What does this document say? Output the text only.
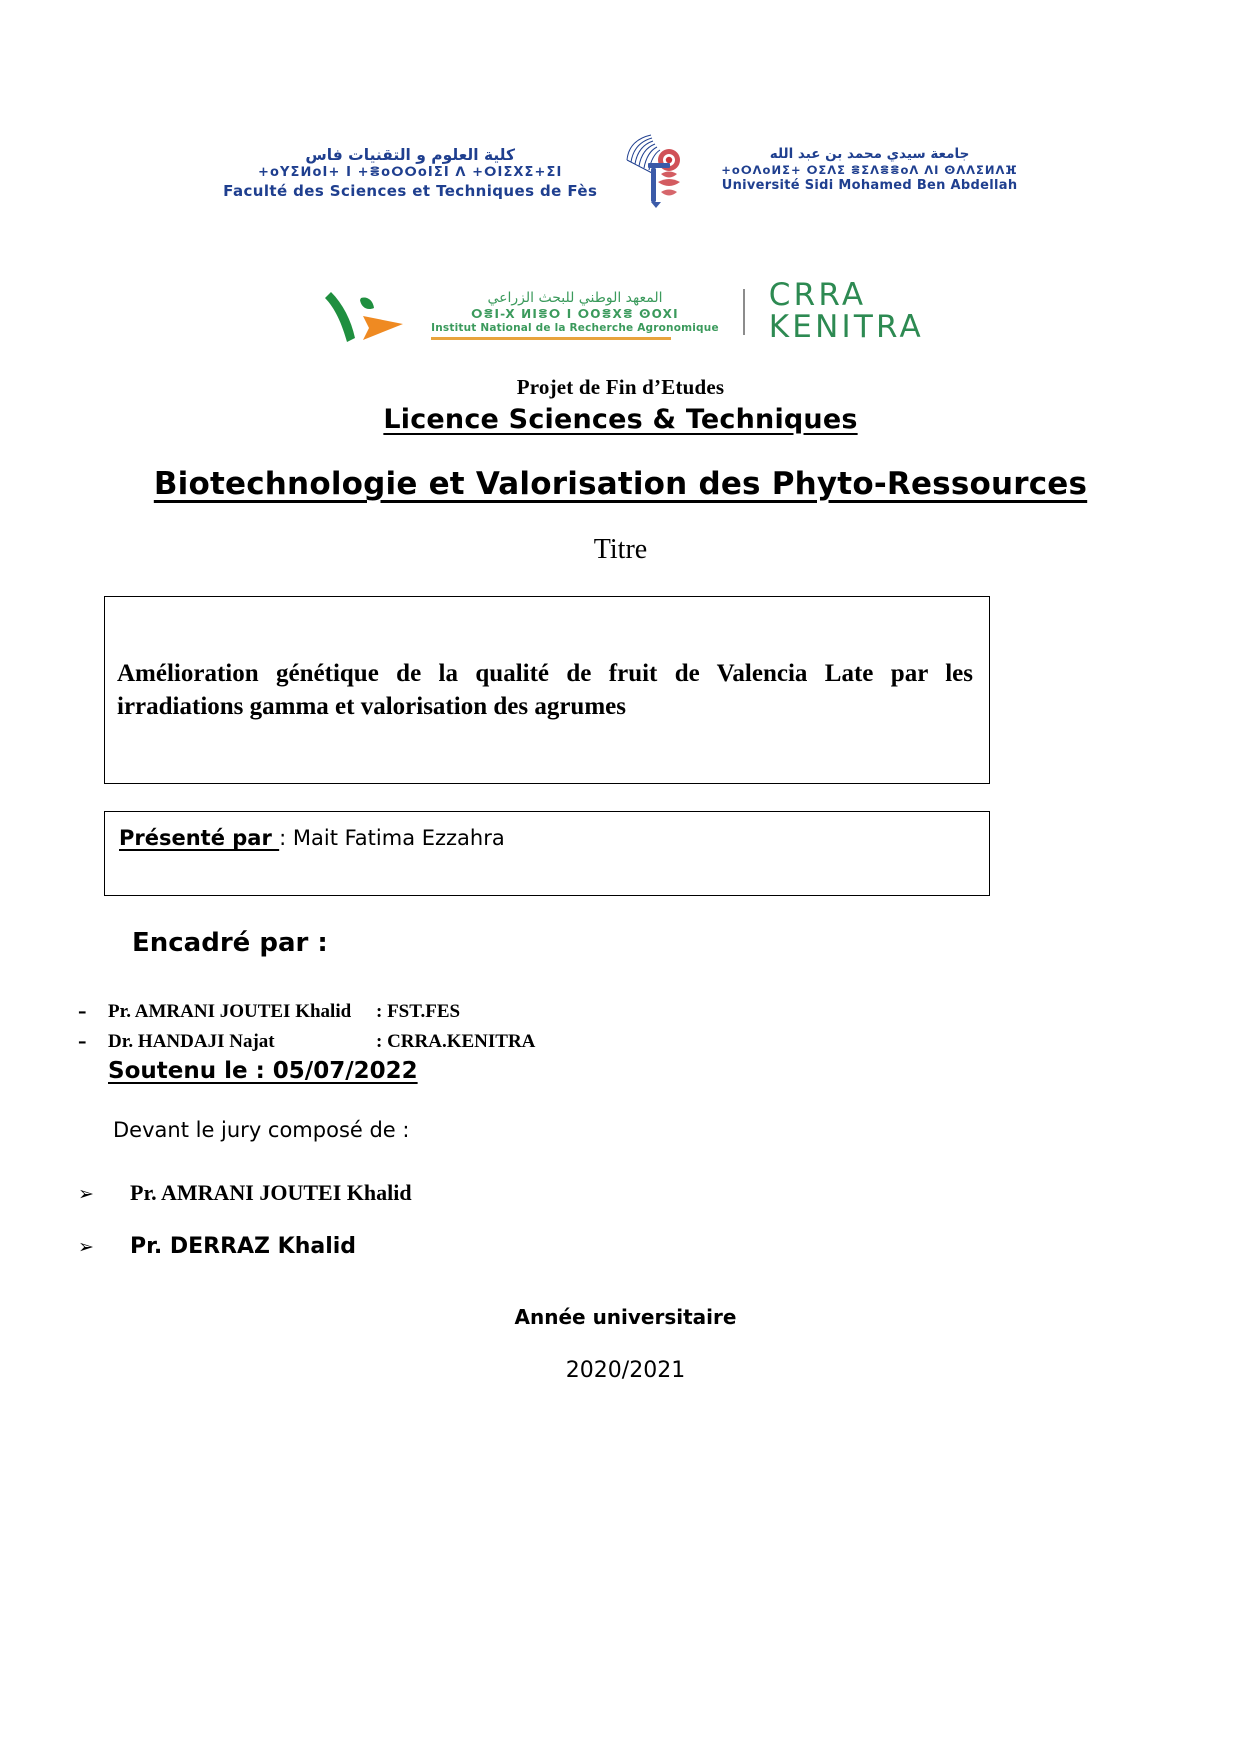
كلية العلوم و التقنيات فاس
+oYΣⵍoI+ I +ⴻoⵔⵔoIΣI ⴷ +ⵔIΣXΣ+ΣI
Faculté des Sciences et Techniques de Fès
جامعة سيدي محمد بن عبد الله
+oⵔⴷoⵍΣ+ ⵔΣⴷΣ ⴻΣⴷⴻⴻoⴷ ⴷI ⵙⴷⴷΣИⴷⴼ
Université Sidi Mohamed Ben Abdellah
المعهد الوطني للبحث الزراعي
ⵔⴻI-X ⵍIⴻⵔ I ⵔOⴻXⴻ ⵙOXI
Institut National de la Recherche Agronomique
CRRA
KENITRA
Projet de Fin d’Etudes
Licence Sciences & Techniques
Biotechnologie et Valorisation des Phyto-Ressources
Titre
Amélioration génétique de la qualité de fruit de Valencia Late par les irradiations gamma et valorisation des agrumes
Présenté par : Mait Fatima Ezzahra
Encadré par :
–	Pr. AMRANI JOUTEI Khalid	: FST.FES
–	Dr. HANDAJI Najat	: CRRA.KENITRA
Soutenu le : 05/07/2022
Devant le jury composé de :
➢	Pr. AMRANI JOUTEI Khalid
➢	Pr. DERRAZ Khalid
Année universitaire
2020/2021
